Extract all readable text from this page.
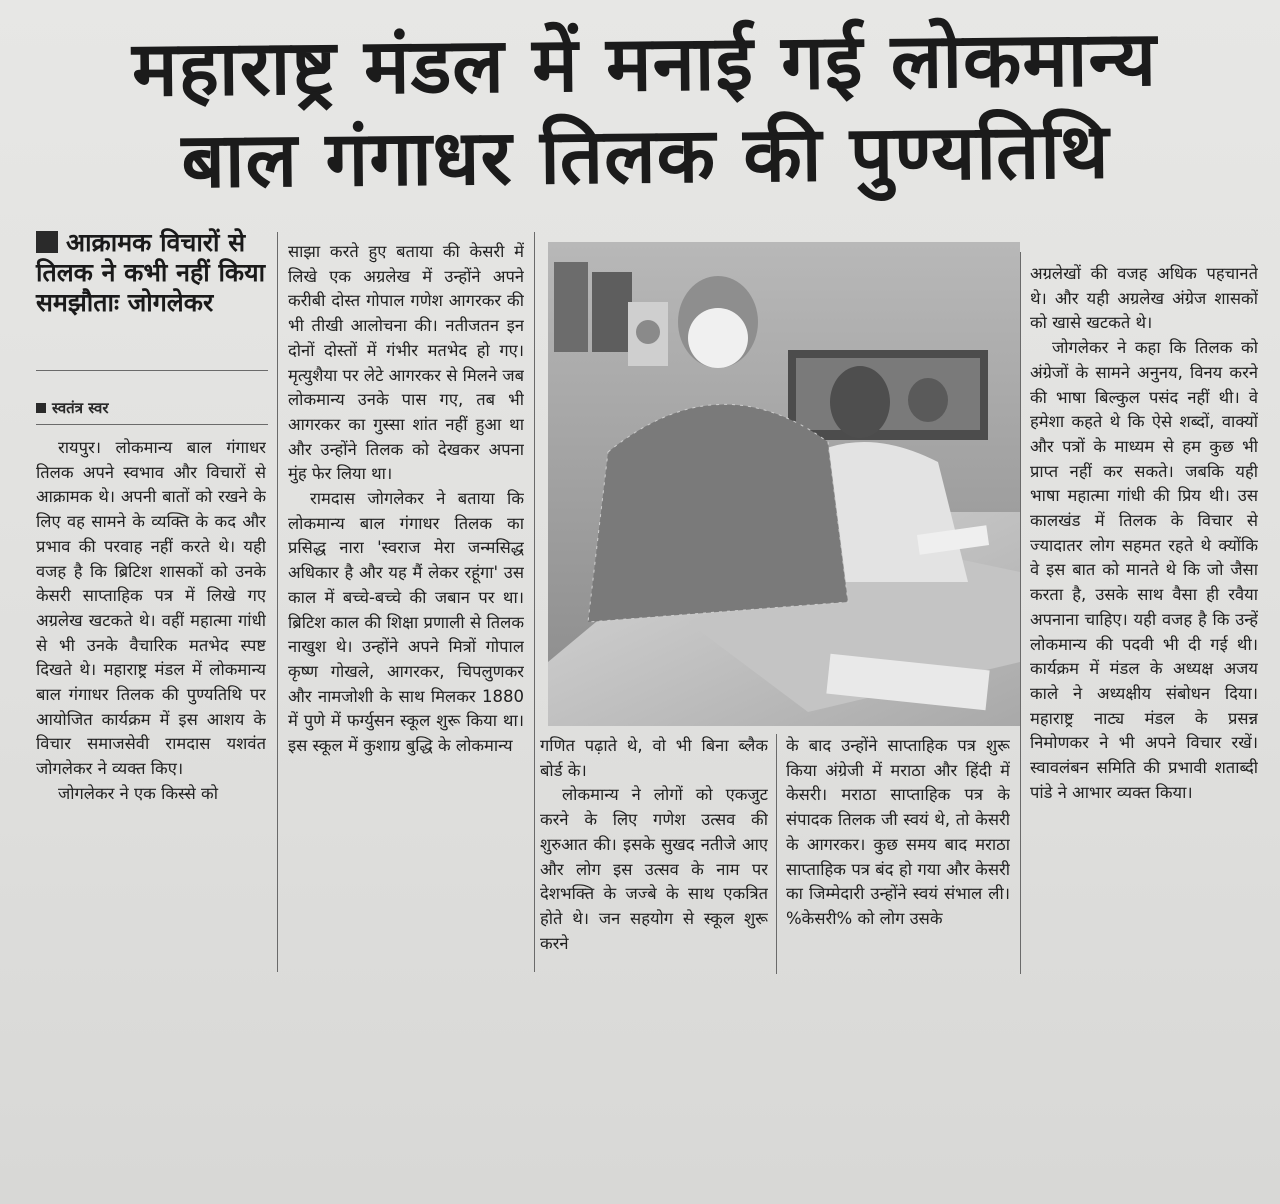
महाराष्ट्र मंडल में मनाई गई लोकमान्य
बाल गंगाधर तिलक की पुण्यतिथि
आक्रामक विचारों से तिलक ने कभी नहीं किया समझौताः जोगलेकर
स्वतंत्र स्वर

रायपुर। लोकमान्य बाल गंगाधर तिलक अपने स्वभाव और विचारों से आक्रामक थे। अपनी बातों को रखने के लिए वह सामने के व्यक्ति के कद और प्रभाव की परवाह नहीं करते थे। यही वजह है कि ब्रिटिश शासकों को उनके केसरी साप्ताहिक पत्र में लिखे गए अग्रलेख खटकते थे। वहीं महात्मा गांधी से भी उनके वैचारिक मतभेद स्पष्ट दिखते थे। महाराष्ट्र मंडल में लोकमान्य बाल गंगाधर तिलक की पुण्यतिथि पर आयोजित कार्यक्रम में इस आशय के विचार समाजसेवी रामदास यशवंत जोगलेकर ने व्यक्त किए।

जोगलेकर ने एक किस्से को

साझा करते हुए बताया की केसरी में लिखे एक अग्रलेख में उन्होंने अपने करीबी दोस्त गोपाल गणेश आगरकर की भी तीखी आलोचना की। नतीजतन इन दोनों दोस्तों में गंभीर मतभेद हो गए। मृत्युशैया पर लेटे आगरकर से मिलने जब लोकमान्य उनके पास गए, तब भी आगरकर का गुस्सा शांत नहीं हुआ था और उन्होंने तिलक को देखकर अपना मुंह फेर लिया था।

रामदास जोगलेकर ने बताया कि लोकमान्य बाल गंगाधर तिलक का प्रसिद्ध नारा 'स्वराज मेरा जन्मसिद्ध अधिकार है और यह मैं लेकर रहूंगा' उस काल में बच्चे-बच्चे की जबान पर था। ब्रिटिश काल की शिक्षा प्रणाली से तिलक नाखुश थे। उन्होंने अपने मित्रों गोपाल कृष्ण गोखले, आगरकर, चिपलुणकर और नामजोशी के साथ मिलकर 1880 में पुणे में फर्ग्युसन स्कूल शुरू किया था। इस स्कूल में कुशाग्र बुद्धि के लोकमान्य	गणित पढ़ाते थे, वो भी बिना ब्लैक बोर्ड के।

लोकमान्य ने लोगों को एकजुट करने के लिए गणेश उत्सव की शुरुआत की। इसके सुखद नतीजे आए और लोग इस उत्सव के नाम पर देशभक्ति के जज्बे के साथ एकत्रित होते थे। जन सहयोग से स्कूल शुरू करने

के बाद उन्होंने साप्ताहिक पत्र शुरू किया अंग्रेजी में मराठा और हिंदी में केसरी। मराठा साप्ताहिक पत्र के संपादक तिलक जी स्वयं थे, तो केसरी के आगरकर। कुछ समय बाद मराठा साप्ताहिक पत्र बंद हो गया और केसरी का जिम्मेदारी उन्होंने स्वयं संभाल ली। %केसरी% को लोग उसके

अग्रलेखों की वजह अधिक पहचानते थे। और यही अग्रलेख अंग्रेज शासकों को खासे खटकते थे।

जोगलेकर ने कहा कि तिलक को अंग्रेजों के सामने अनुनय, विनय करने की भाषा बिल्कुल पसंद नहीं थी। वे हमेशा कहते थे कि ऐसे शब्दों, वाक्यों और पत्रों के माध्यम से हम कुछ भी प्राप्त नहीं कर सकते। जबकि यही भाषा महात्मा गांधी की प्रिय थी। उस कालखंड में तिलक के विचार से ज्यादातर लोग सहमत रहते थे क्योंकि वे इस बात को मानते थे कि जो जैसा करता है, उसके साथ वैसा ही रवैया अपनाना चाहिए। यही वजह है कि उन्हें लोकमान्य की पदवी भी दी गई थी। कार्यक्रम में मंडल के अध्यक्ष अजय काले ने अध्यक्षीय संबोधन दिया। महाराष्ट्र नाट्य मंडल के प्रसन्न निमोणकर ने भी अपने विचार रखें। स्वावलंबन समिति की प्रभावी शताब्दी पांडे ने आभार व्यक्त किया।
